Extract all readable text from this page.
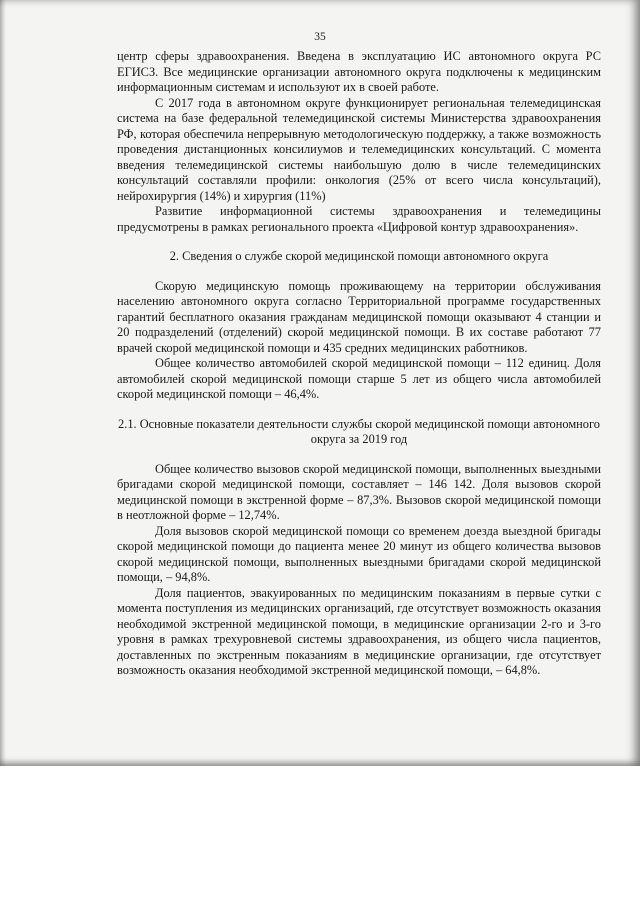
35

центр сферы здравоохранения. Введена в эксплуатацию ИС автономного округа РС ЕГИСЗ. Все медицинские организации автономного округа подключены к медицинским информационным системам и используют их в своей работе.

С 2017 года в автономном округе функционирует региональная телемедицинская система на базе федеральной телемедицинской системы Министерства здравоохранения РФ, которая обеспечила непрерывную методологическую поддержку, а также возможность проведения дистанционных консилиумов и телемедицинских консультаций. С момента введения телемедицинской системы наибольшую долю в числе телемедицинских консультаций составляли профили: онкология (25% от всего числа консультаций), нейрохирургия (14%) и хирургия (11%)

Развитие информационной системы здравоохранения и телемедицины предусмотрены в рамках регионального проекта «Цифровой контур здравоохранения».

2. Сведения о службе скорой медицинской помощи автономного округа

Скорую медицинскую помощь проживающему на территории обслуживания населению автономного округа согласно Территориальной программе государственных гарантий бесплатного оказания гражданам медицинской помощи оказывают 4 станции и 20 подразделений (отделений) скорой медицинской помощи. В их составе работают 77 врачей скорой медицинской помощи и 435 средних медицинских работников.

Общее количество автомобилей скорой медицинской помощи – 112 единиц. Доля автомобилей скорой медицинской помощи старше 5 лет из общего числа автомобилей скорой медицинской помощи – 46,4%.

2.1. Основные показатели деятельности службы скорой медицинской помощи автономного округа за 2019 год

Общее количество вызовов скорой медицинской помощи, выполненных выездными бригадами скорой медицинской помощи, составляет – 146 142. Доля вызовов скорой медицинской помощи в экстренной форме – 87,3%. Вызовов скорой медицинской помощи в неотложной форме – 12,74%.

Доля вызовов скорой медицинской помощи со временем доезда выездной бригады скорой медицинской помощи до пациента менее 20 минут из общего количества вызовов скорой медицинской помощи, выполненных выездными бригадами скорой медицинской помощи, – 94,8%.

Доля пациентов, эвакуированных по медицинским показаниям в первые сутки с момента поступления из медицинских организаций, где отсутствует возможность оказания необходимой экстренной медицинской помощи, в медицинские организации 2-го и 3-го уровня в рамках трехуровневой системы здравоохранения, из общего числа пациентов, доставленных по экстренным показаниям в медицинские организации, где отсутствует возможность оказания необходимой экстренной медицинской помощи, – 64,8%.
